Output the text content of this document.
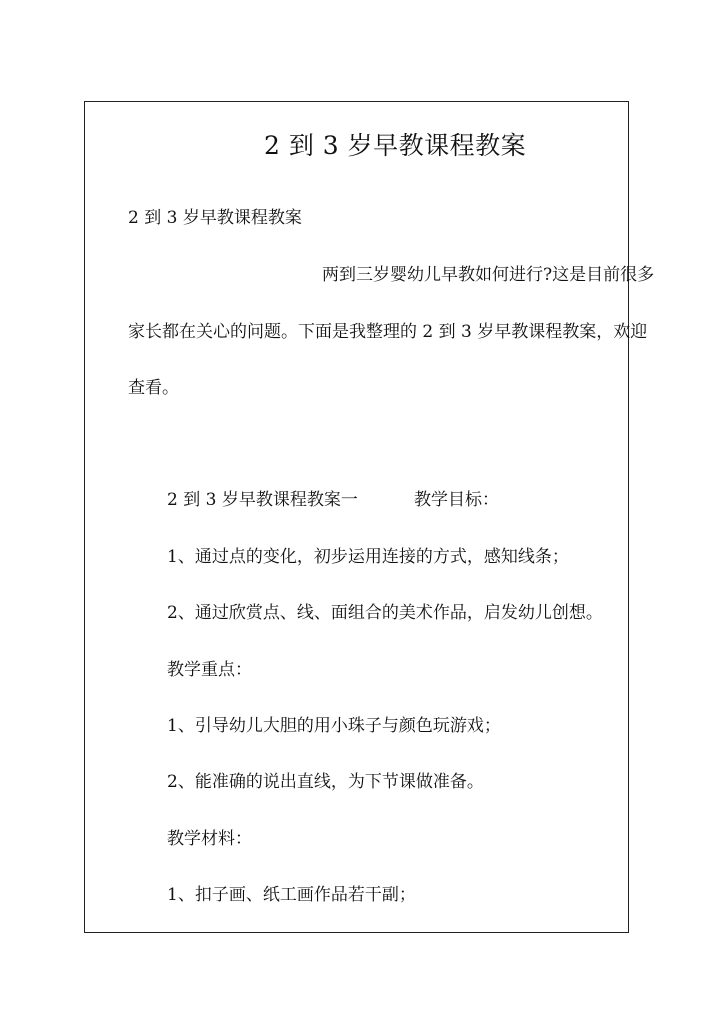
2 到 3 岁早教课程教案
2 到 3 岁早教课程教案
两到三岁婴幼儿早教如何进行?这是目前很多
家长都在关心的问题。下面是我整理的 2 到 3 岁早教课程教案，欢迎
查看。
2 到 3 岁早教课程教案一	教学目标：
1、通过点的变化，初步运用连接的方式，感知线条；
2、通过欣赏点、线、面组合的美术作品，启发幼儿创想。
教学重点：
1、引导幼儿大胆的用小珠子与颜色玩游戏；
2、能准确的说出直线，为下节课做准备。
教学材料：
1、扣子画、纸工画作品若干副；
